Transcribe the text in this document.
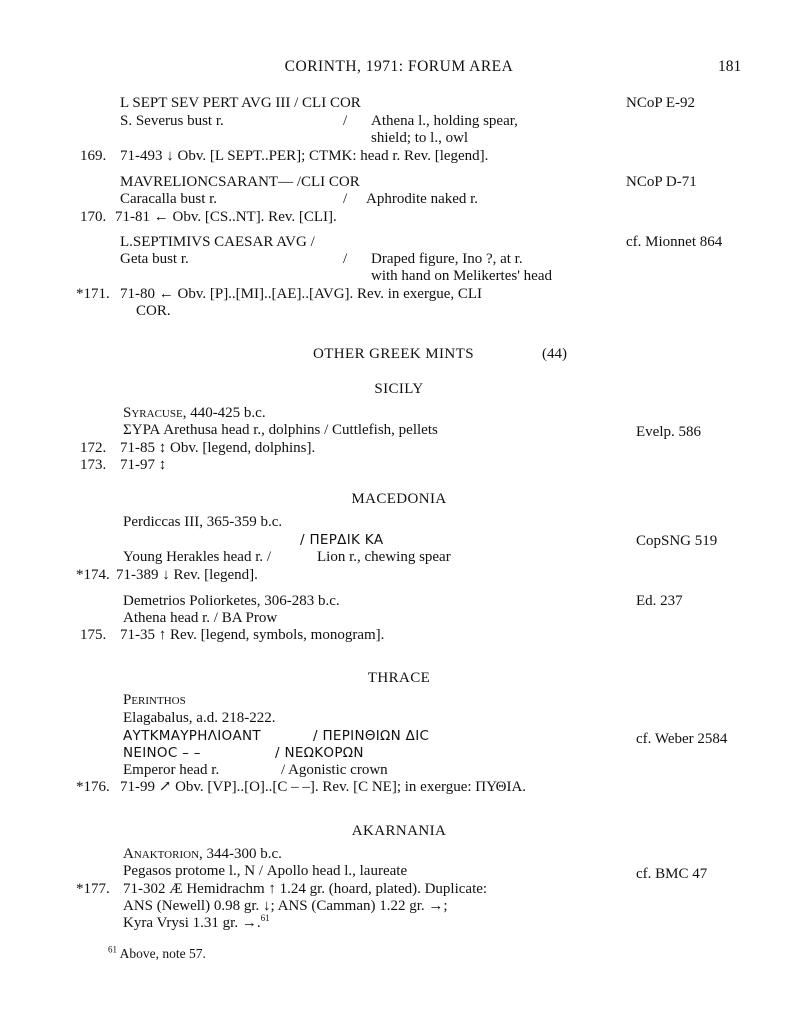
CORINTH, 1971: FORUM AREA	181
L SEPT SEV PERT AVG III / CLI COR	NCoP E-92
S. Severus bust r.	/ Athena l., holding spear,
shield; to l., owl
169. 71-493 ↓ Obv. [L SEPT..PER]; CTMK: head r. Rev. [legend].
MAVRELIONCSARANT— /CLI COR	NCoP D-71
Caracalla bust r.	/ Aphrodite naked r.
170. 71-81 ← Obv. [CS..NT]. Rev. [CLI].
L.SEPTIMIVS CAESAR AVG /	cf. Mionnet 864
Geta bust r.	/ Draped figure, Ino ?, at r.
with hand on Melikertes' head
*171. 71-80 ← Obv. [P]..[MI]..[AE]..[AVG]. Rev. in exergue, CLI
COR.
OTHER GREEK MINTS	(44)
SICILY
Syracuse, 440-425 b.c.
ΣΥΡΑ Arethusa head r., dolphins / Cuttlefish, pellets	Evelp. 586
172. 71-85 ↕ Obv. [legend, dolphins].
173. 71-97 ↕
MACEDONIA
Perdiccas III, 365-359 b.c.
/ ΠΕΡΔΙΚ ΚΑ	CopSNG 519
Young Herakles head r. /	Lion r., chewing spear
*174. 71-389 ↓ Rev. [legend].
Demetrios Poliorketes, 306-283 b.c.	Ed. 237
Athena head r. / ΒΑ Prow
175. 71-35 ↑ Rev. [legend, symbols, monogram].
THRACE
Perinthos
Elagabalus, a.d. 218-222.
ΑΥΤΚΜΑΥΡΗΛΙΟΑΝΤ	/ ΠΕΡΙΝΘΙΩΝ ΔΙC	cf. Weber 2584
ΝΕΙΝΟC – –	/ ΝΕΩΚΟΡΩΝ
Emperor head r.	/ Agonistic crown
*176. 71-99 ↗ Obv. [VP]..[O]..[C – –]. Rev. [C NE]; in exergue: ΠΥΘΙΑ.
AKARNANIA
Anaktorion, 344-300 b.c.
Pegasos protome l., Ν / Apollo head l., laureate	cf. BMC 47
*177. 71-302 Æ Hemidrachm ↑ 1.24 gr. (hoard, plated). Duplicate:
ANS (Newell) 0.98 gr. ↓; ANS (Camman) 1.22 gr. →;
Kyra Vrysi 1.31 gr. →.$^{61}$
$^{61}$ Above, note 57.
